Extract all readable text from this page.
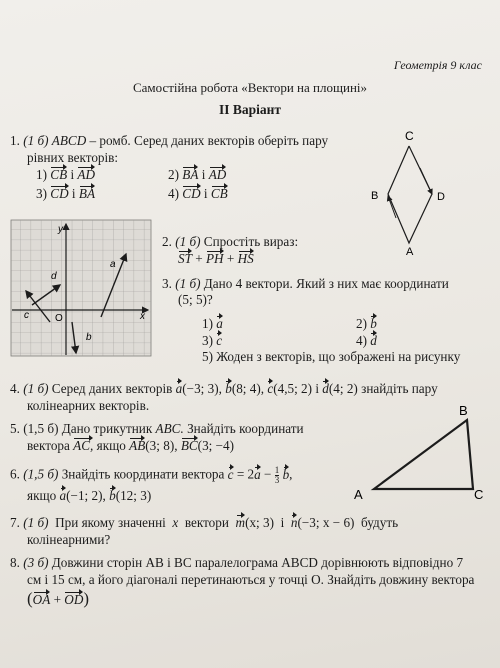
Геометрія 9 клас
Самостійна робота «Вектори на площині»
ІІ Варіант
1. (1 б) ABCD – ромб. Серед даних векторів оберіть пару
рівних векторів:
1) CB і AD	2) BA і AD
3) CD і BA	4) CD і CB
C
B	D
A
y
x
O
a
b
c
d
2. (1 б) Спростіть вираз:
ST + PH + HS
3. (1 б) Дано 4 вектори. Який з них має координати
(5; 5)?
1) a	2) b
3) c	4) d
5) Жоден з векторів, що зображені на рисунку
4. (1 б) Серед даних векторів a(−3; 3), b(8; 4), c(4,5; 2) і d(4; 2) знайдіть пару
колінеарних векторів.
5. (1,5 б) Дано трикутник ABC. Знайдіть координати
вектора AC, якщо AB(3; 8), BC(3; −4)
6. (1,5 б) Знайдіть координати вектора $c = 2a - \frac{1}{3} b$,
якщо a(−1; 2), b(12; 3)
B
A	C
7. (1 б) При якому значенні x вектори m(x; 3) і n(−3; x − 6) будуть
колінеарними?
8. (3 б) Довжини сторін AB і BC паралелограма ABCD дорівнюють відповідно 7
см і 15 см, а його діагоналі перетинаються у точці O. Знайдіть довжину вектора
(OA + OD)
